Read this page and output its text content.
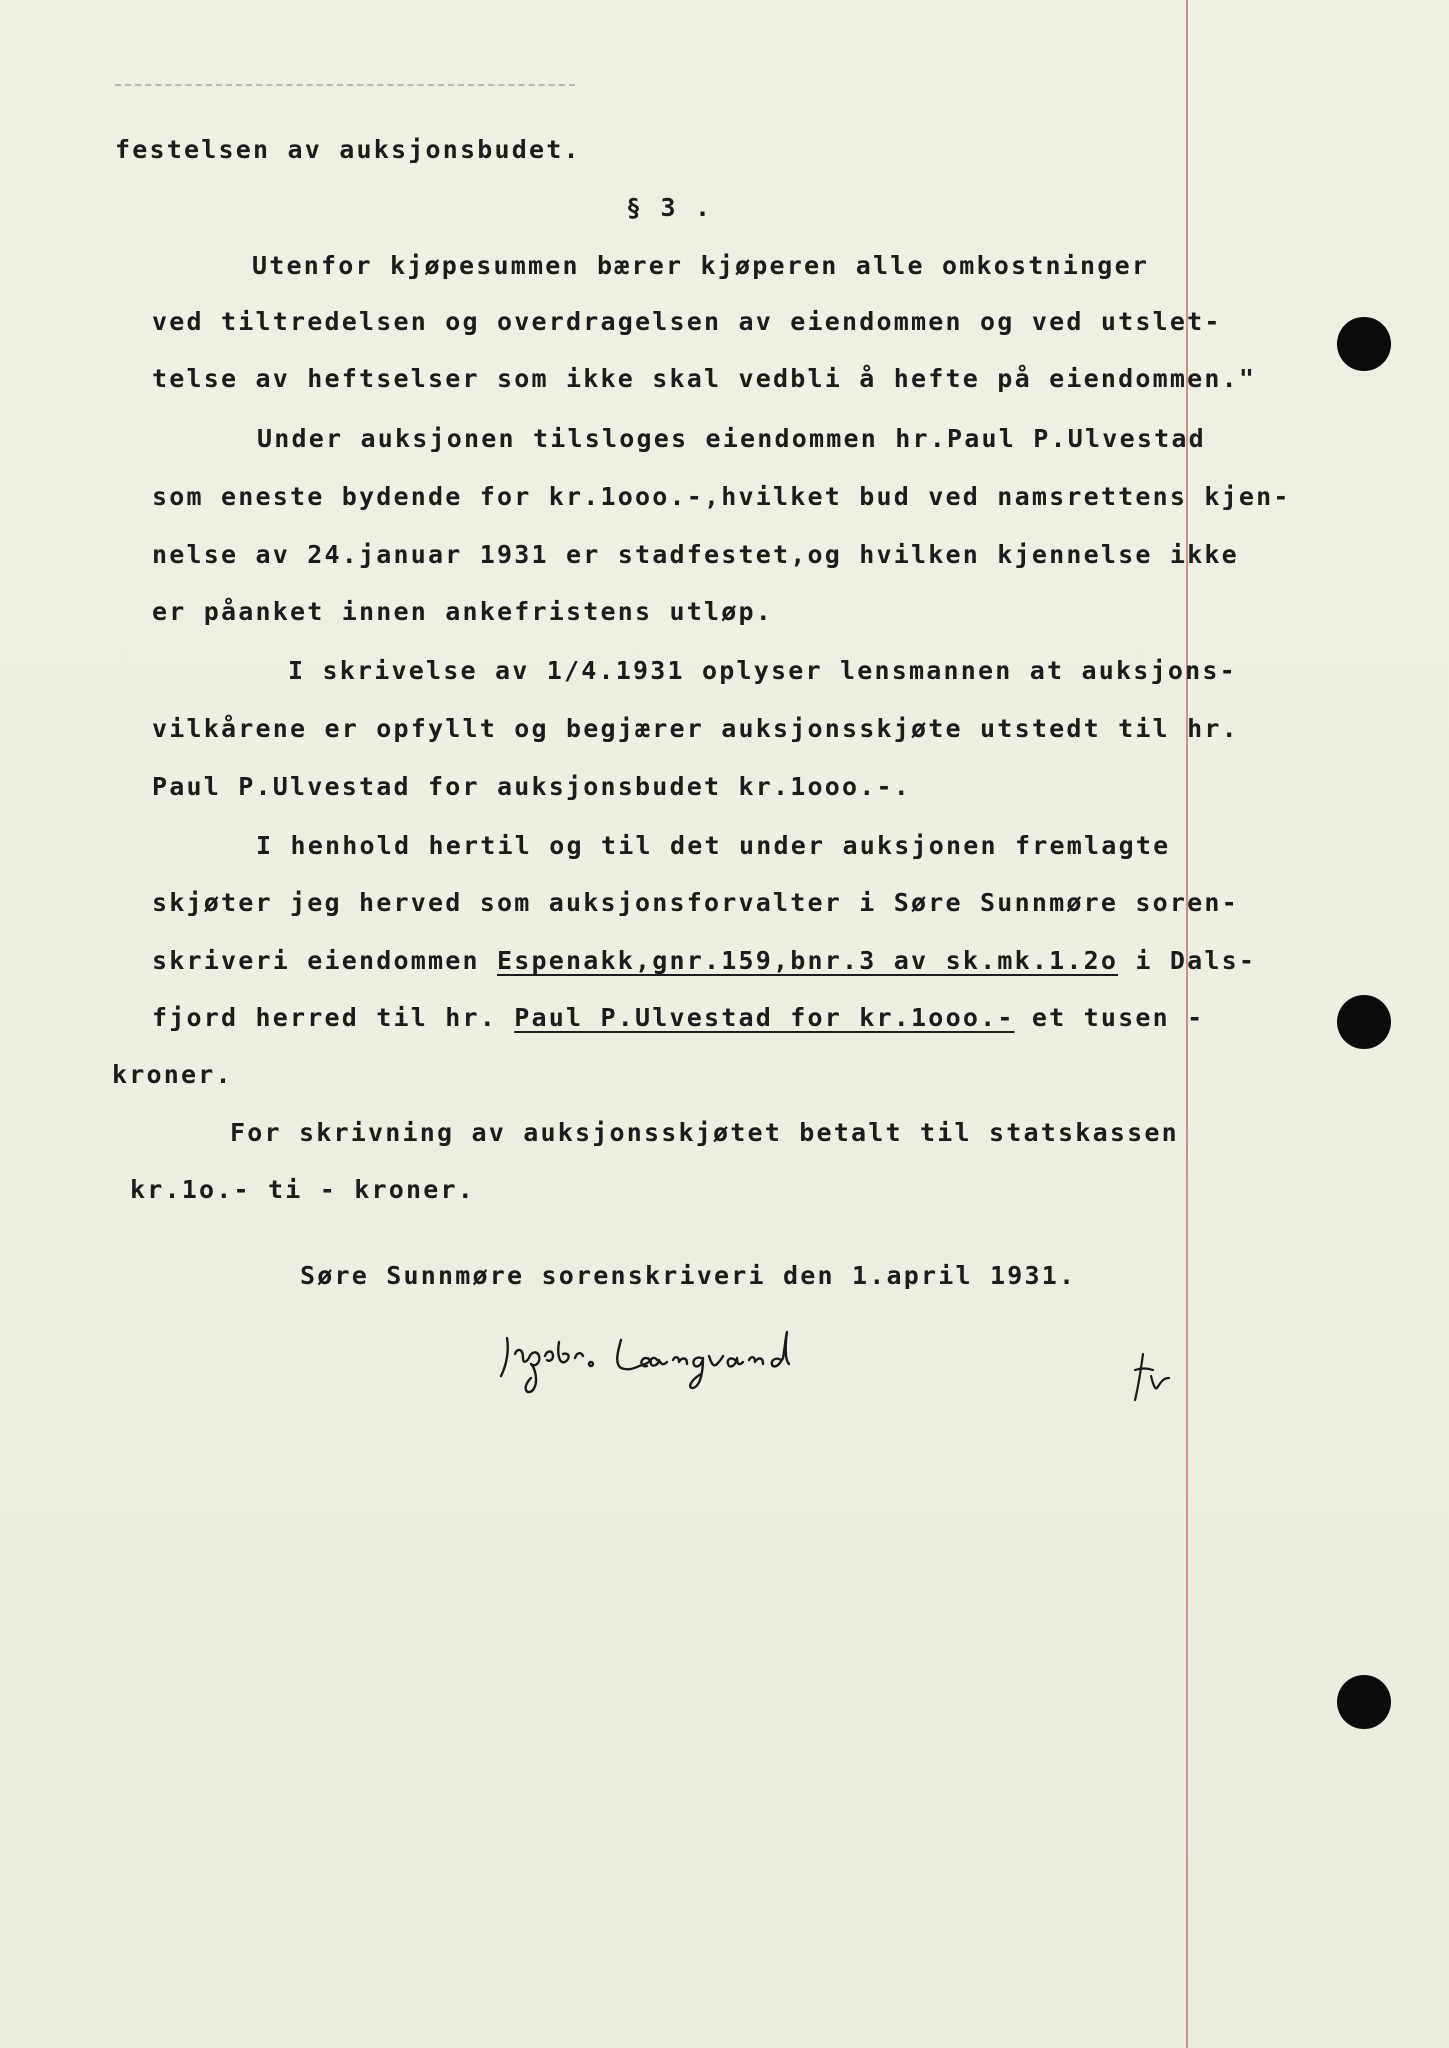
festelsen av auksjonsbudet.
§ 3 .
Utenfor kjøpesummen bærer kjøperen alle omkostninger
ved tiltredelsen og overdragelsen av eiendommen og ved utslet-
telse av heftselser som ikke skal vedbli å hefte på eiendommen."
Under auksjonen tilsloges eiendommen hr.Paul P.Ulvestad
som eneste bydende for kr.1ooo.-,hvilket bud ved namsrettens kjen-
nelse av 24.januar 1931 er stadfestet,og hvilken kjennelse ikke
er påanket innen ankefristens utløp.
I skrivelse av 1/4.1931 oplyser lensmannen at auksjons-
vilkårene er opfyllt og begjærer auksjonsskjøte utstedt til hr.
Paul P.Ulvestad for auksjonsbudet kr.1ooo.-.
I henhold hertil og til det under auksjonen fremlagte
skjøter jeg herved som auksjonsforvalter i Søre Sunnmøre soren-
skriveri eiendommen Espenakk,gnr.159,bnr.3 av sk.mk.1.2o i Dals-
fjord herred til hr. Paul P.Ulvestad for kr.1ooo.- et tusen -
kroner.
For skrivning av auksjonsskjøtet betalt til statskassen
kr.1o.- ti - kroner.
Søre Sunnmøre sorenskriveri den 1.april 1931.
